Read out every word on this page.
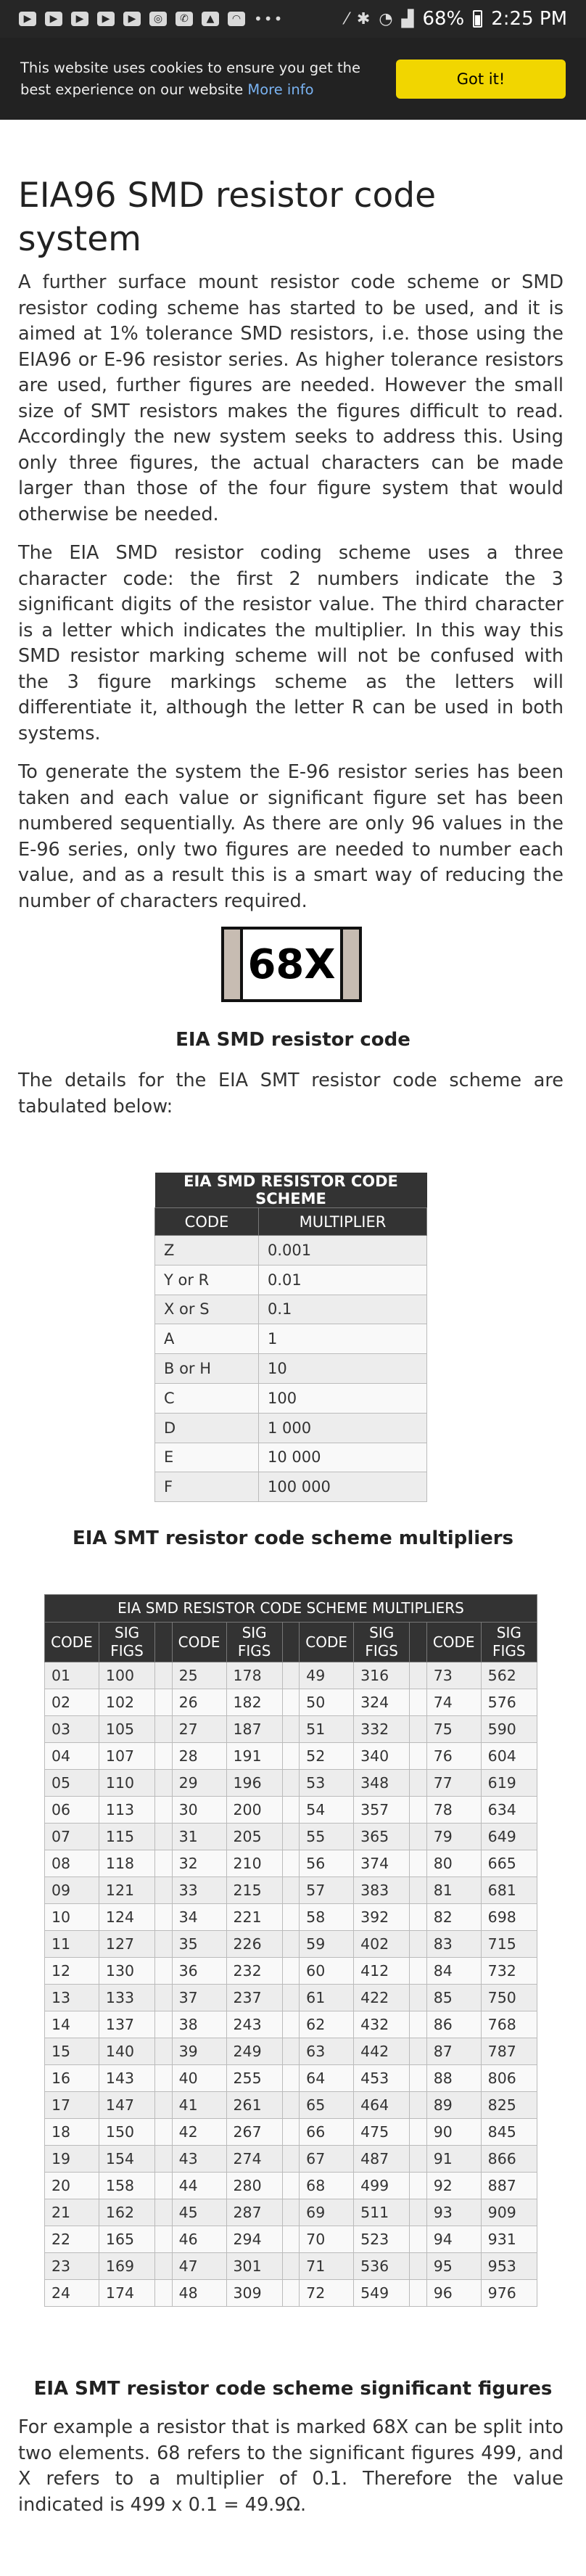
▶	▶	▶	▶	▶	◎	✆	▲	◠ •••	⁄ ✱ ◔ ▟ 68% 2:25 PM
This website uses cookies to ensure you get the best experience on our website More info
Got it!
EIA96 SMD resistor code system

A further surface mount resistor code scheme or SMD resistor coding scheme has started to be used, and it is aimed at 1% tolerance SMD resistors, i.e. those using the EIA96 or E-96 resistor series. As higher tolerance resistors are used, further figures are needed. However the small size of SMT resistors makes the figures difficult to read. Accordingly the new system seeks to address this. Using only three figures, the actual characters can be made larger than those of the four figure system that would otherwise be needed.

The EIA SMD resistor coding scheme uses a three character code: the first 2 numbers indicate the 3 significant digits of the resistor value. The third character is a letter which indicates the multiplier. In this way this SMD resistor marking scheme will not be confused with the 3 figure markings scheme as the letters will differentiate it, although the letter R can be used in both systems.

To generate the system the E-96 resistor series has been taken and each value or significant figure set has been numbered sequentially. As there are only 96 values in the E-96 series, only two figures are needed to number each value, and as a result this is a smart way of reducing the number of characters required.

68X
EIA SMD resistor code
The details for the EIA SMT resistor code scheme are tabulated below:
EIA SMD RESISTOR CODE SCHEME	
CODE	MULTIPLIER
Z	0.001
Y or R	0.01
X or S	0.1
A	1
B or H	10
C	100
D	1 000
E	10 000
F	100 000
EIA SMT resistor code scheme multipliers
EIA SMD RESISTOR CODE SCHEME MULTIPLIERS										
CODE	SIG FIGS		CODE	SIG FIGS		CODE	SIG FIGS		CODE	SIG FIGS
01	100		25	178		49	316		73	562
02	102		26	182		50	324		74	576
03	105		27	187		51	332		75	590
04	107		28	191		52	340		76	604
05	110		29	196		53	348		77	619
06	113		30	200		54	357		78	634
07	115		31	205		55	365		79	649
08	118		32	210		56	374		80	665
09	121		33	215		57	383		81	681
10	124		34	221		58	392		82	698
11	127		35	226		59	402		83	715
12	130		36	232		60	412		84	732
13	133		37	237		61	422		85	750
14	137		38	243		62	432		86	768
15	140		39	249		63	442		87	787
16	143		40	255		64	453		88	806
17	147		41	261		65	464		89	825
18	150		42	267		66	475		90	845
19	154		43	274		67	487		91	866
20	158		44	280		68	499		92	887
21	162		45	287		69	511		93	909
22	165		46	294		70	523		94	931
23	169		47	301		71	536		95	953
24	174		48	309		72	549		96	976
EIA SMT resistor code scheme significant figures
For example a resistor that is marked 68X can be split into two elements. 68 refers to the significant figures 499, and X refers to a multiplier of 0.1. Therefore the value indicated is 499 x 0.1 = 49.9Ω.
